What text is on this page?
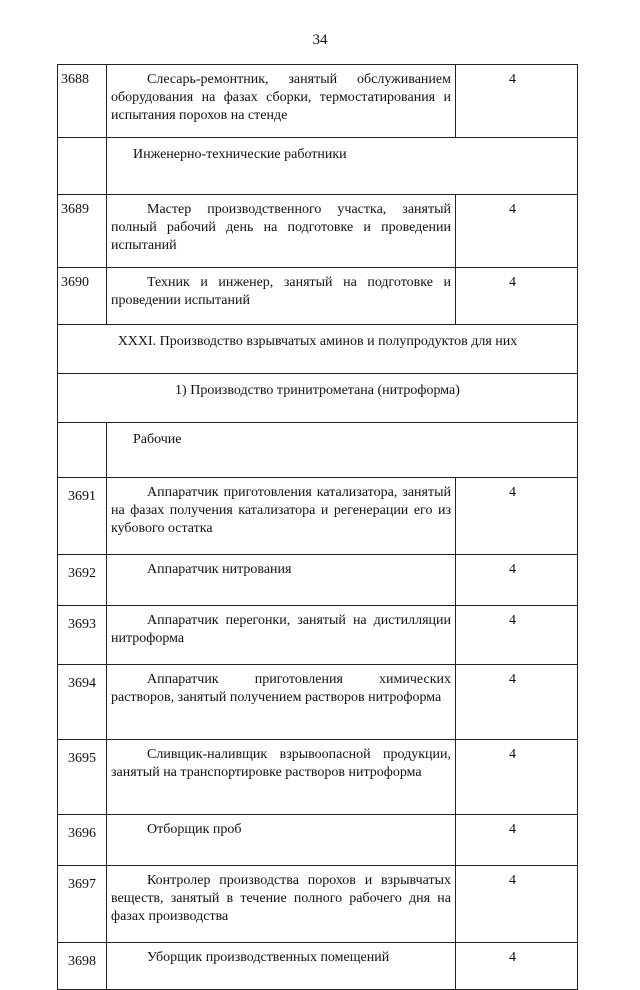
34
3688	Слесарь-ремонтник, занятый обслуживанием оборудования на фазах сборки, термостатирования и испытания порохов на стенде	4
	Инженерно-технические работники	
3689	Мастер производственного участка, занятый полный рабочий день на подготовке и проведении испытаний	4
3690	Техник и инженер, занятый на подготовке и проведении испытаний	4
XXXI. Производство взрывчатых аминов и полупродуктов для них		
1) Производство тринитрометана (нитроформа)		
	Рабочие	
3691	Аппаратчик приготовления катализатора, занятый на фазах получения катализатора и регенерации его из кубового остатка	4
3692	Аппаратчик нитрования	4
3693	Аппаратчик перегонки, занятый на дистилляции нитроформа	4
3694	Аппаратчик приготовления химических растворов, занятый получением растворов нитроформа	4
3695	Сливщик-наливщик взрывоопасной продукции, занятый на транспортировке растворов нитроформа	4
3696	Отборщик проб	4
3697	Контролер производства порохов и взрывчатых веществ, занятый в течение полного рабочего дня на фазах производства	4
3698	Уборщик производственных помещений	4
